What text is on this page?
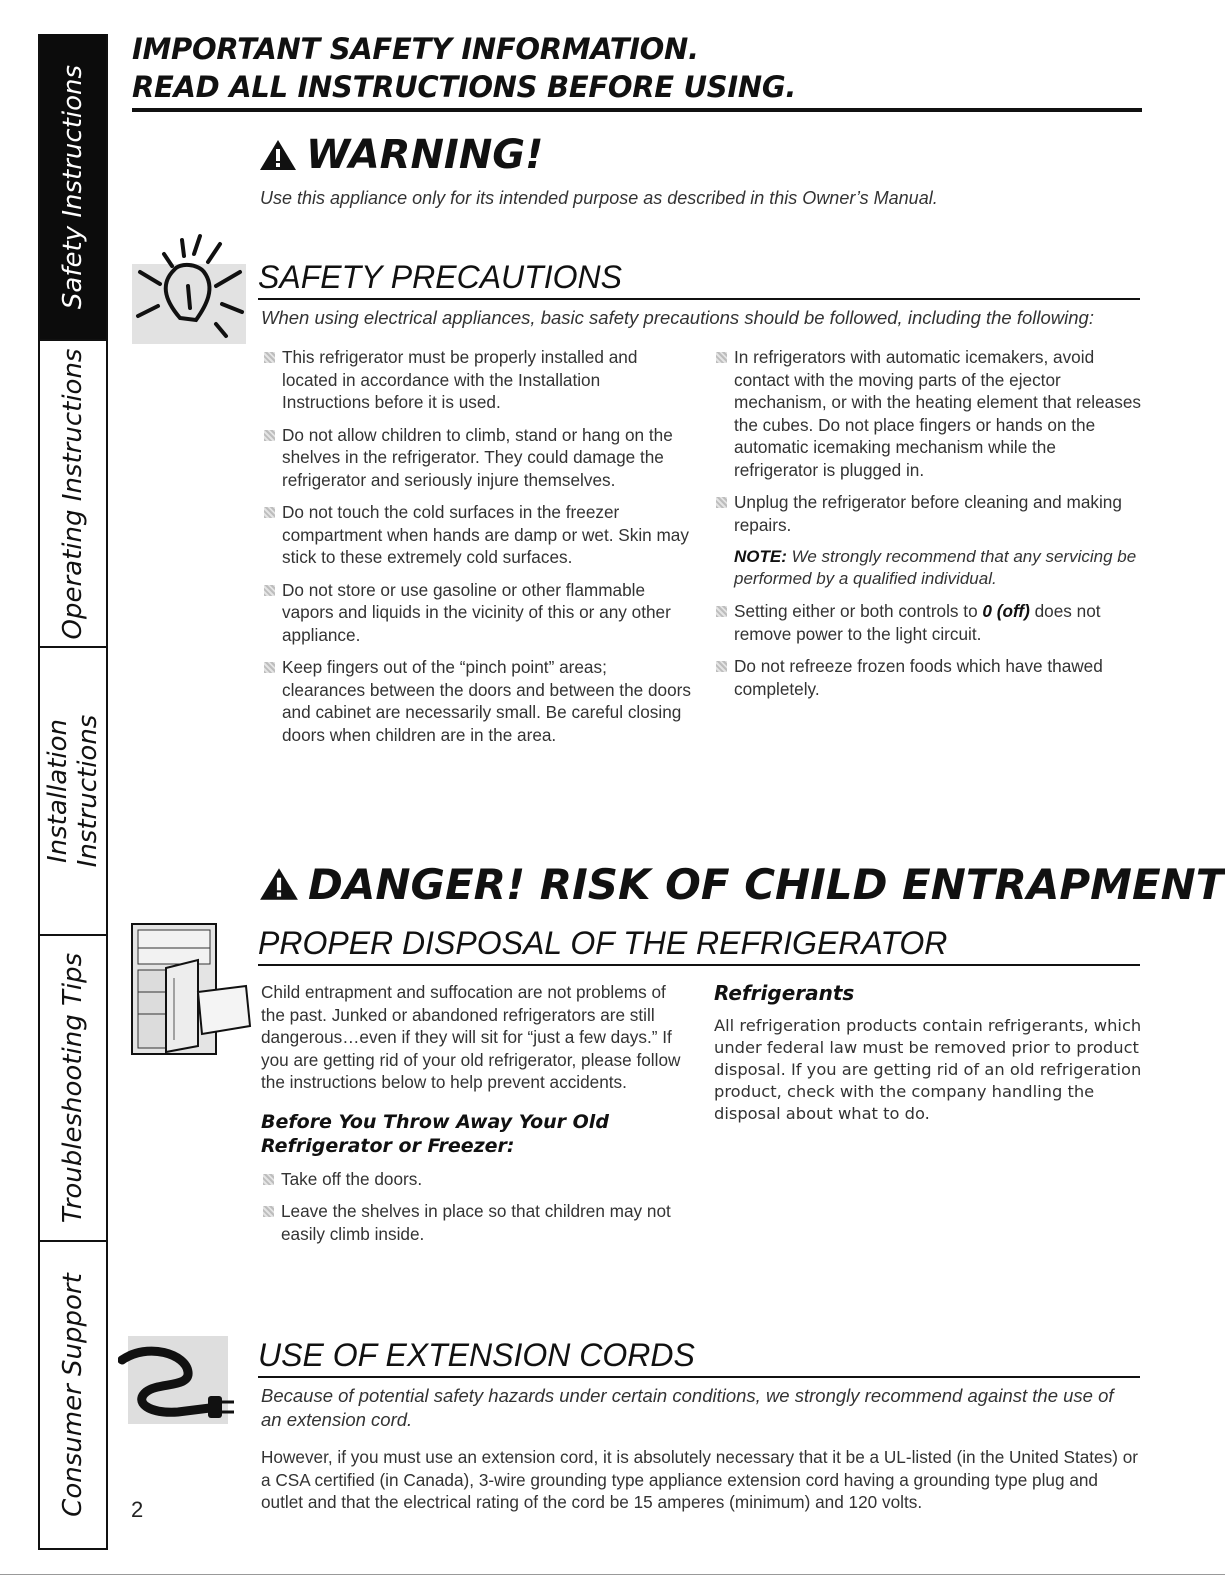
Safety Instructions
Operating Instructions
Installation Instructions
Troubleshooting Tips
Consumer Support
IMPORTANT SAFETY INFORMATION.
READ ALL INSTRUCTIONS BEFORE USING.
WARNING!
Use this appliance only for its intended purpose as described in this Owner’s Manual.
SAFETY PRECAUTIONS
When using electrical appliances, basic safety precautions should be followed, including the following:

This refrigerator must be properly installed and located in accordance with the Installation Instructions before it is used.

Do not allow children to climb, stand or hang on the shelves in the refrigerator. They could damage the refrigerator and seriously injure themselves.

Do not touch the cold surfaces in the freezer compartment when hands are damp or wet. Skin may stick to these extremely cold surfaces.

Do not store or use gasoline or other flammable vapors and liquids in the vicinity of this or any other appliance.

Keep fingers out of the “pinch point” areas; clearances between the doors and between the doors and cabinet are necessarily small. Be careful closing doors when children are in the area.

In refrigerators with automatic icemakers, avoid contact with the moving parts of the ejector mechanism, or with the heating element that releases the cubes. Do not place fingers or hands on the automatic icemaking mechanism while the refrigerator is plugged in.

Unplug the refrigerator before cleaning and making repairs.

NOTE: We strongly recommend that any servicing be performed by a qualified individual.

Setting either or both controls to 0 (off) does not remove power to the light circuit.

Do not refreeze frozen foods which have thawed completely.

DANGER! RISK OF CHILD ENTRAPMENT
PROPER DISPOSAL OF THE REFRIGERATOR

Child entrapment and suffocation are not problems of the past. Junked or abandoned refrigerators are still dangerous…even if they will sit for “just a few days.” If you are getting rid of your old refrigerator, please follow the instructions below to help prevent accidents.

Before You Throw Away Your Old

Refrigerator or Freezer:

Take off the doors.

Leave the shelves in place so that children may not easily climb inside.

Refrigerants

All refrigeration products contain refrigerants, which under federal law must be removed prior to product disposal. If you are getting rid of an old refrigeration product, check with the company handling the disposal about what to do.

USE OF EXTENSION CORDS
Because of potential safety hazards under certain conditions, we strongly recommend against the use of an extension cord.

However, if you must use an extension cord, it is absolutely necessary that it be a UL-listed (in the United States) or a CSA certified (in Canada), 3-wire grounding type appliance extension cord having a grounding type plug and outlet and that the electrical rating of the cord be 15 amperes (minimum) and 120 volts.

2
